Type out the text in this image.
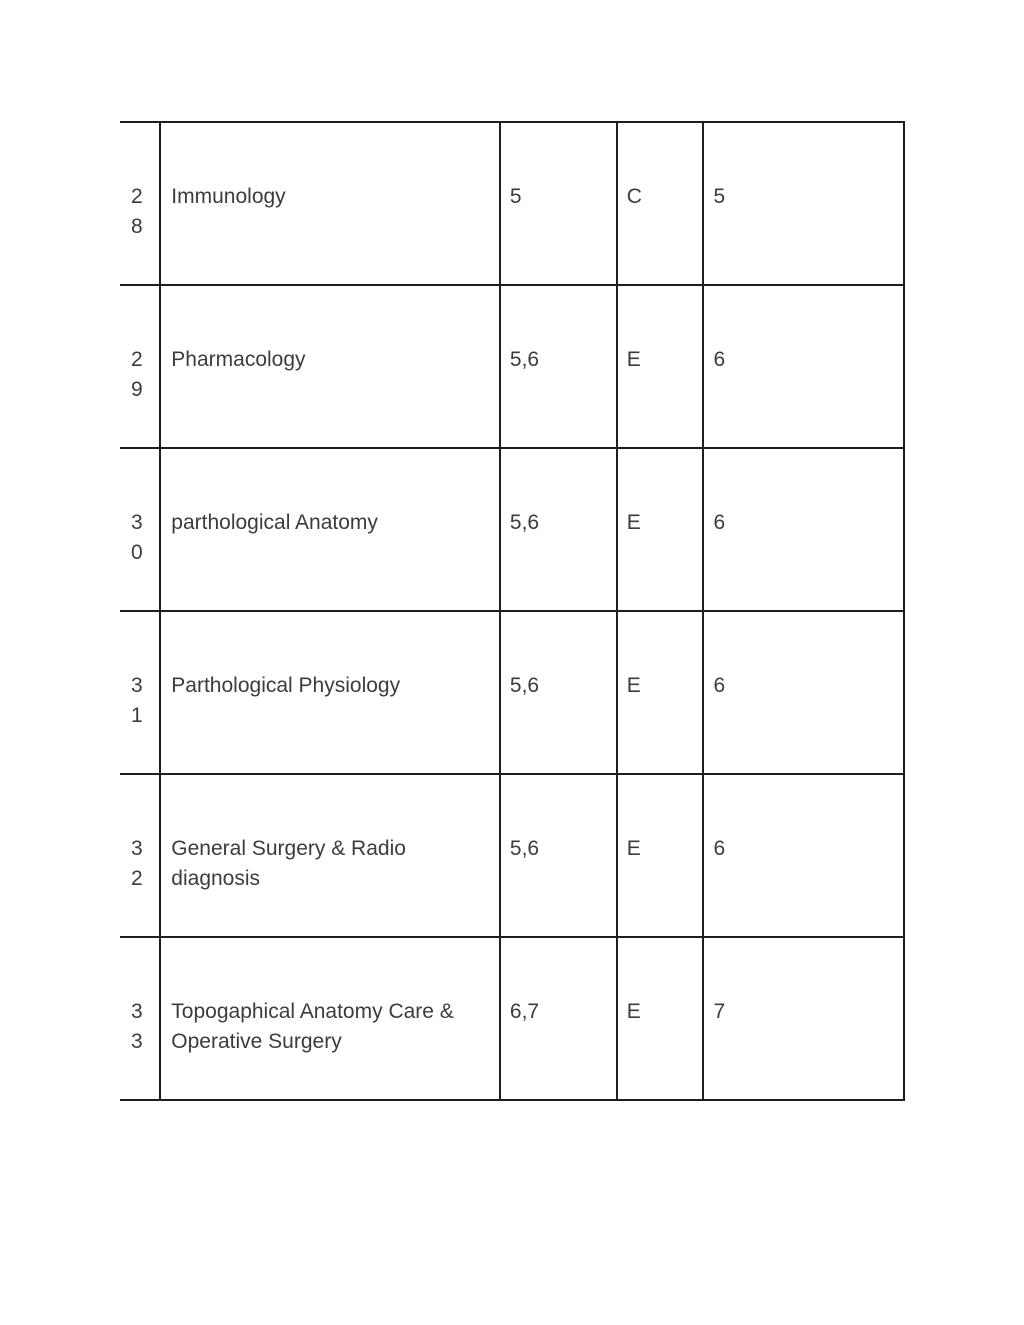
28	Immunology	5	C	5

29	Pharmacology	5,6	E	6

30	parthological Anatomy	5,6	E	6

31	Parthological Physiology	5,6	E	6

32	General Surgery & Radio diagnosis	5,6	E	6

33	Topogaphical Anatomy Care & Operative Surgery	6,7	E	7
